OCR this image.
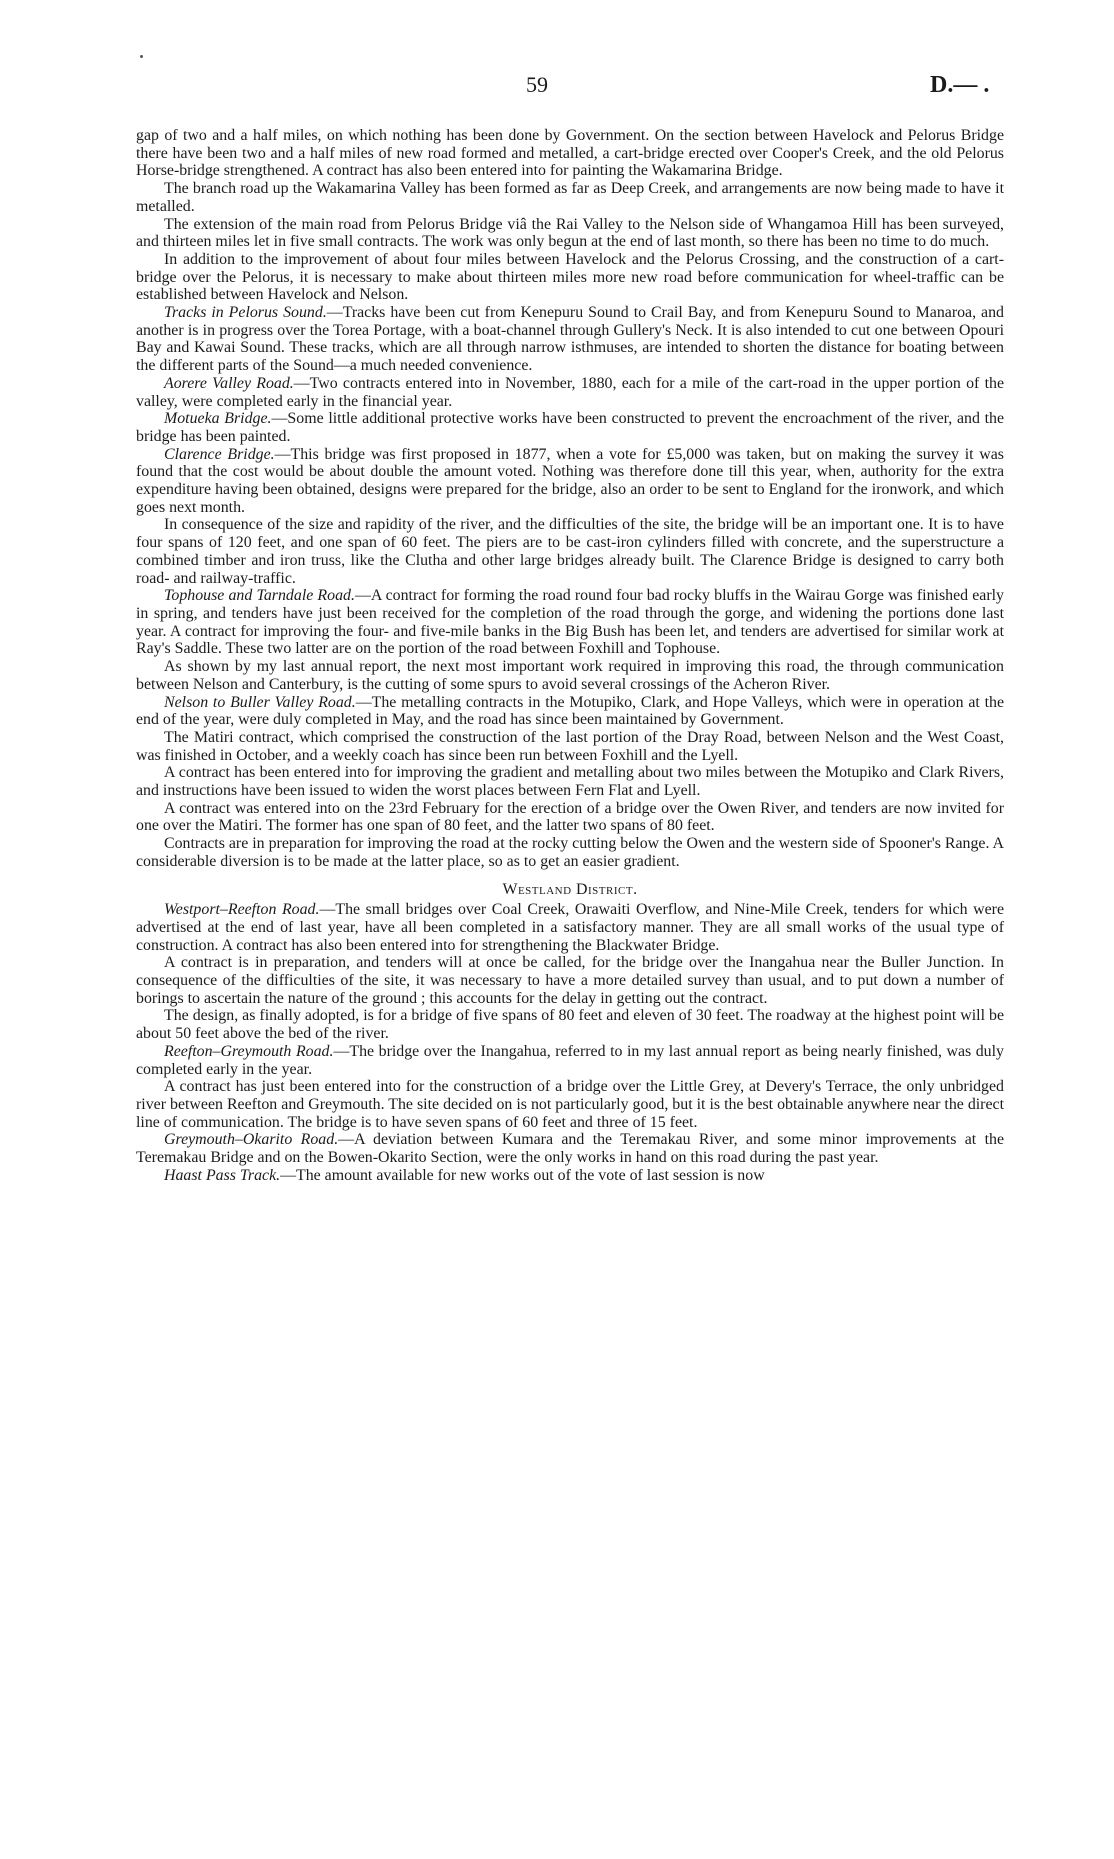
59	D.— .

gap of two and a half miles, on which nothing has been done by Government. On the section between Havelock and Pelorus Bridge there have been two and a half miles of new road formed and metalled, a cart-bridge erected over Cooper's Creek, and the old Pelorus Horse-bridge strengthened. A contract has also been entered into for painting the Wakamarina Bridge.

The branch road up the Wakamarina Valley has been formed as far as Deep Creek, and arrangements are now being made to have it metalled.

The extension of the main road from Pelorus Bridge viâ the Rai Valley to the Nelson side of Whangamoa Hill has been surveyed, and thirteen miles let in five small contracts. The work was only begun at the end of last month, so there has been no time to do much.

In addition to the improvement of about four miles between Havelock and the Pelorus Crossing, and the construction of a cart-bridge over the Pelorus, it is necessary to make about thirteen miles more new road before communication for wheel-traffic can be established between Havelock and Nelson.

Tracks in Pelorus Sound.—Tracks have been cut from Kenepuru Sound to Crail Bay, and from Kenepuru Sound to Manaroa, and another is in progress over the Torea Portage, with a boat-channel through Gullery's Neck. It is also intended to cut one between Opouri Bay and Kawai Sound. These tracks, which are all through narrow isthmuses, are intended to shorten the distance for boating between the different parts of the Sound—a much needed convenience.

Aorere Valley Road.—Two contracts entered into in November, 1880, each for a mile of the cart-road in the upper portion of the valley, were completed early in the financial year.

Motueka Bridge.—Some little additional protective works have been constructed to prevent the encroachment of the river, and the bridge has been painted.

Clarence Bridge.—This bridge was first proposed in 1877, when a vote for £5,000 was taken, but on making the survey it was found that the cost would be about double the amount voted. Nothing was therefore done till this year, when, authority for the extra expenditure having been obtained, designs were prepared for the bridge, also an order to be sent to England for the ironwork, and which goes next month.

In consequence of the size and rapidity of the river, and the difficulties of the site, the bridge will be an important one. It is to have four spans of 120 feet, and one span of 60 feet. The piers are to be cast-iron cylinders filled with concrete, and the superstructure a combined timber and iron truss, like the Clutha and other large bridges already built. The Clarence Bridge is designed to carry both road- and railway-traffic.

Tophouse and Tarndale Road.—A contract for forming the road round four bad rocky bluffs in the Wairau Gorge was finished early in spring, and tenders have just been received for the completion of the road through the gorge, and widening the portions done last year. A contract for improving the four- and five-mile banks in the Big Bush has been let, and tenders are advertised for similar work at Ray's Saddle. These two latter are on the portion of the road between Foxhill and Tophouse.

As shown by my last annual report, the next most important work required in improving this road, the through communication between Nelson and Canterbury, is the cutting of some spurs to avoid several crossings of the Acheron River.

Nelson to Buller Valley Road.—The metalling contracts in the Motupiko, Clark, and Hope Valleys, which were in operation at the end of the year, were duly completed in May, and the road has since been maintained by Government.

The Matiri contract, which comprised the construction of the last portion of the Dray Road, between Nelson and the West Coast, was finished in October, and a weekly coach has since been run between Foxhill and the Lyell.

A contract has been entered into for improving the gradient and metalling about two miles between the Motupiko and Clark Rivers, and instructions have been issued to widen the worst places between Fern Flat and Lyell.

A contract was entered into on the 23rd February for the erection of a bridge over the Owen River, and tenders are now invited for one over the Matiri. The former has one span of 80 feet, and the latter two spans of 80 feet.

Contracts are in preparation for improving the road at the rocky cutting below the Owen and the western side of Spooner's Range. A considerable diversion is to be made at the latter place, so as to get an easier gradient.

Westland District.

Westport–Reefton Road.—The small bridges over Coal Creek, Orawaiti Overflow, and Nine-Mile Creek, tenders for which were advertised at the end of last year, have all been completed in a satisfactory manner. They are all small works of the usual type of construction. A contract has also been entered into for strengthening the Blackwater Bridge.

A contract is in preparation, and tenders will at once be called, for the bridge over the Inangahua near the Buller Junction. In consequence of the difficulties of the site, it was necessary to have a more detailed survey than usual, and to put down a number of borings to ascertain the nature of the ground ; this accounts for the delay in getting out the contract.

The design, as finally adopted, is for a bridge of five spans of 80 feet and eleven of 30 feet. The roadway at the highest point will be about 50 feet above the bed of the river.

Reefton–Greymouth Road.—The bridge over the Inangahua, referred to in my last annual report as being nearly finished, was duly completed early in the year.

A contract has just been entered into for the construction of a bridge over the Little Grey, at Devery's Terrace, the only unbridged river between Reefton and Greymouth. The site decided on is not particularly good, but it is the best obtainable anywhere near the direct line of communication. The bridge is to have seven spans of 60 feet and three of 15 feet.

Greymouth–Okarito Road.—A deviation between Kumara and the Teremakau River, and some minor improvements at the Teremakau Bridge and on the Bowen-Okarito Section, were the only works in hand on this road during the past year.

Haast Pass Track.—The amount available for new works out of the vote of last session is now
